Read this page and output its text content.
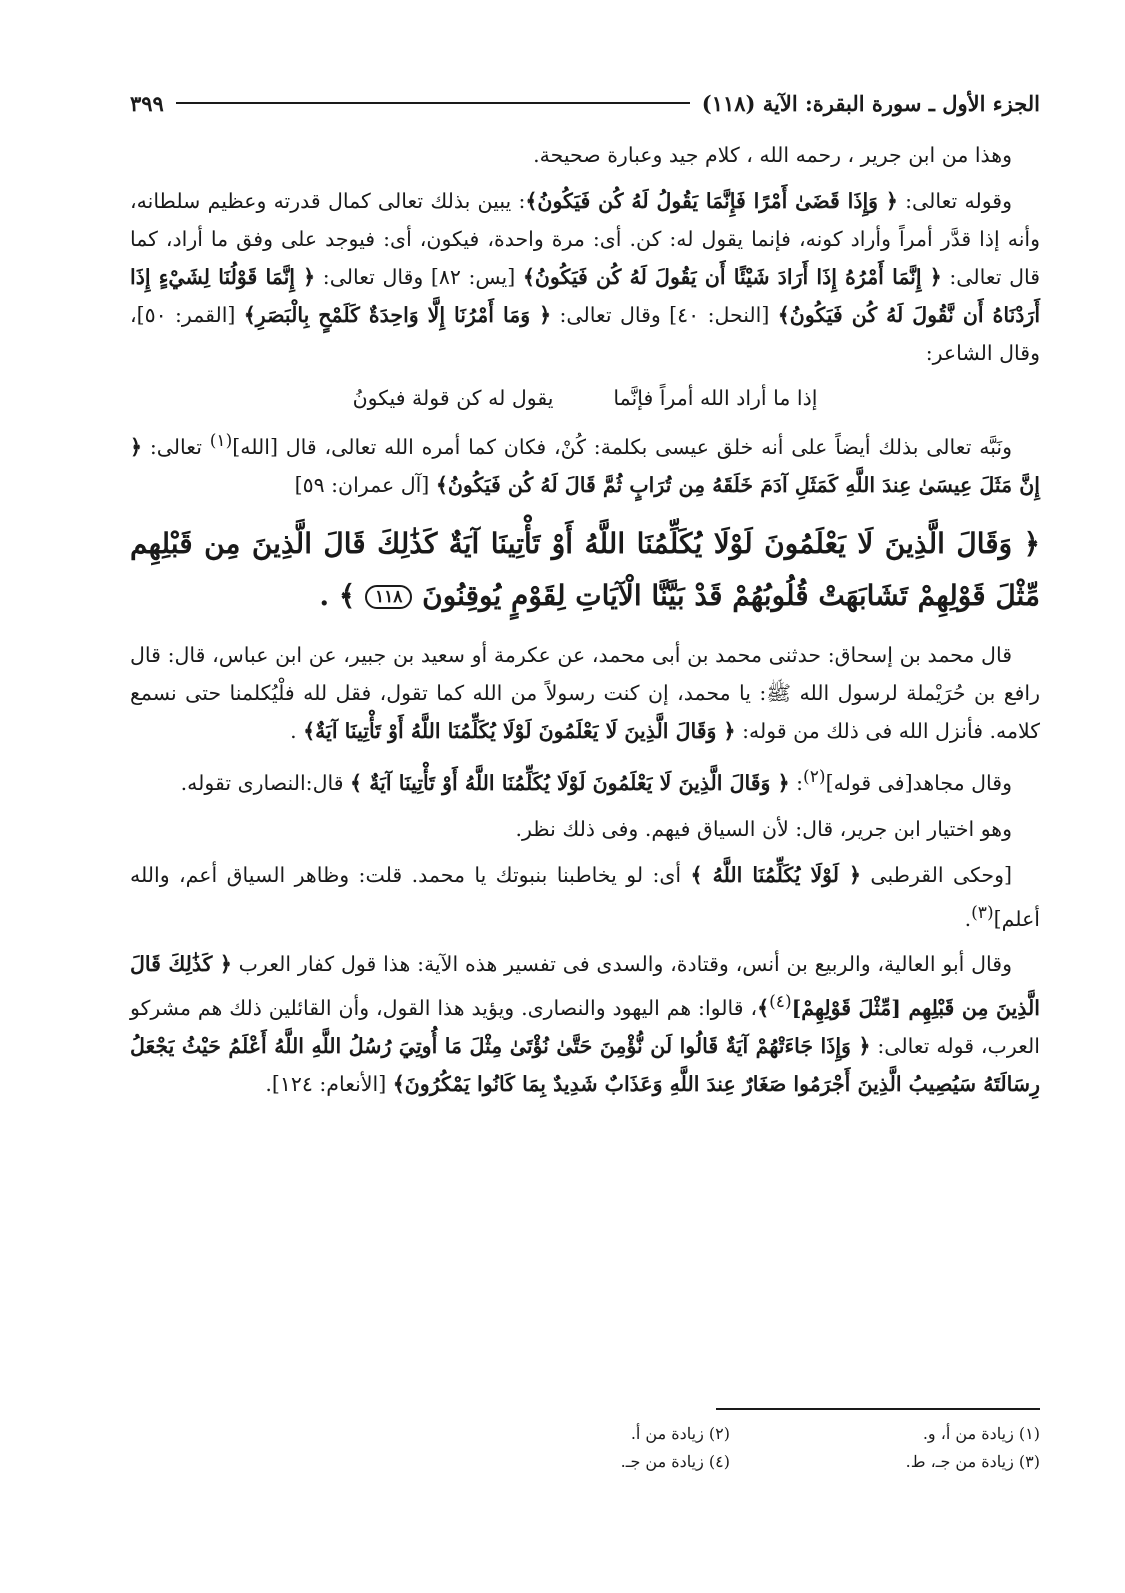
الجزء الأول ـ سورة البقرة: الآية (١١٨)
٣٩٩

وهذا من ابن جرير ، رحمه الله ، كلام جيد وعبارة صحيحة.

وقوله تعالى: ﴿ وَإِذَا قَضَىٰ أَمْرًا فَإِنَّمَا يَقُولُ لَهُ كُن فَيَكُونُ﴾: يبين بذلك تعالى كمال قدرته وعظيم سلطانه، وأنه إذا قدَّر أمراً وأراد كونه، فإنما يقول له: كن. أى: مرة واحدة، فيكون، أى: فيوجد على وفق ما أراد، كما قال تعالى: ﴿ إِنَّمَا أَمْرُهُ إِذَا أَرَادَ شَيْئًا أَن يَقُولَ لَهُ كُن فَيَكُونُ﴾ [يس: ٨٢] وقال تعالى: ﴿ إِنَّمَا قَوْلُنَا لِشَيْءٍ إِذَا أَرَدْنَاهُ أَن نَّقُولَ لَهُ كُن فَيَكُونُ﴾ [النحل: ٤٠] وقال تعالى: ﴿ وَمَا أَمْرُنَا إِلَّا وَاحِدَةٌ كَلَمْحٍ بِالْبَصَرِ﴾ [القمر: ٥٠]، وقال الشاعر:

إذا ما أراد الله أمراً فإنَّما
يقول له كن قولة فيكونُ

ونَبَّه تعالى بذلك أيضاً على أنه خلق عيسى بكلمة: كُنْ، فكان كما أمره الله تعالى، قال [الله]$^{(١)}$ تعالى: ﴿ إِنَّ مَثَلَ عِيسَىٰ عِندَ اللَّهِ كَمَثَلِ آدَمَ خَلَقَهُ مِن تُرَابٍ ثُمَّ قَالَ لَهُ كُن فَيَكُونُ﴾ [آل عمران: ٥٩]

﴿ وَقَالَ الَّذِينَ لَا يَعْلَمُونَ لَوْلَا يُكَلِّمُنَا اللَّهُ أَوْ تَأْتِينَا آيَةٌ كَذَٰلِكَ قَالَ الَّذِينَ مِن قَبْلِهِم مِّثْلَ قَوْلِهِمْ تَشَابَهَتْ قُلُوبُهُمْ قَدْ بَيَّنَّا الْآيَاتِ لِقَوْمٍ يُوقِنُونَ ١١٨ ﴾ .

قال محمد بن إسحاق: حدثنى محمد بن أبى محمد، عن عكرمة أو سعيد بن جبير، عن ابن عباس، قال: قال رافع بن حُرَيْملة لرسول الله ﷺ: يا محمد، إن كنت رسولاً من الله كما تقول، فقل لله فلْيُكلمنا حتى نسمع كلامه. فأنزل الله فى ذلك من قوله: ﴿ وَقَالَ الَّذِينَ لَا يَعْلَمُونَ لَوْلَا يُكَلِّمُنَا اللَّهُ أَوْ تَأْتِينَا آيَةٌ﴾ .

وقال مجاهد[فى قوله]$^{(٢)}$: ﴿ وَقَالَ الَّذِينَ لَا يَعْلَمُونَ لَوْلَا يُكَلِّمُنَا اللَّهُ أَوْ تَأْتِينَا آيَةٌ ﴾ قال:النصارى تقوله.

وهو اختيار ابن جرير، قال: لأن السياق فيهم. وفى ذلك نظر.

[وحكى القرطبى ﴿ لَوْلَا يُكَلِّمُنَا اللَّهُ ﴾ أى: لو يخاطبنا بنبوتك يا محمد. قلت: وظاهر السياق أعم، والله أعلم]$^{(٣)}$.

وقال أبو العالية، والربيع بن أنس، وقتادة، والسدى فى تفسير هذه الآية: هذا قول كفار العرب ﴿ كَذَٰلِكَ قَالَ الَّذِينَ مِن قَبْلِهِم [مِّثْلَ قَوْلِهِمْ]$^{(٤)}$﴾، قالوا: هم اليهود والنصارى. ويؤيد هذا القول، وأن القائلين ذلك هم مشركو العرب، قوله تعالى: ﴿ وَإِذَا جَاءَتْهُمْ آيَةٌ قَالُوا لَن نُّؤْمِنَ حَتَّىٰ نُؤْتَىٰ مِثْلَ مَا أُوتِيَ رُسُلُ اللَّهِ اللَّهُ أَعْلَمُ حَيْثُ يَجْعَلُ رِسَالَتَهُ سَيُصِيبُ الَّذِينَ أَجْرَمُوا صَغَارٌ عِندَ اللَّهِ وَعَذَابٌ شَدِيدٌ بِمَا كَانُوا يَمْكُرُونَ﴾ [الأنعام: ١٢٤].

(١) زيادة من أ، و.
(٢) زيادة من أ.
(٣) زيادة من جـ، ط.
(٤) زيادة من جـ.
